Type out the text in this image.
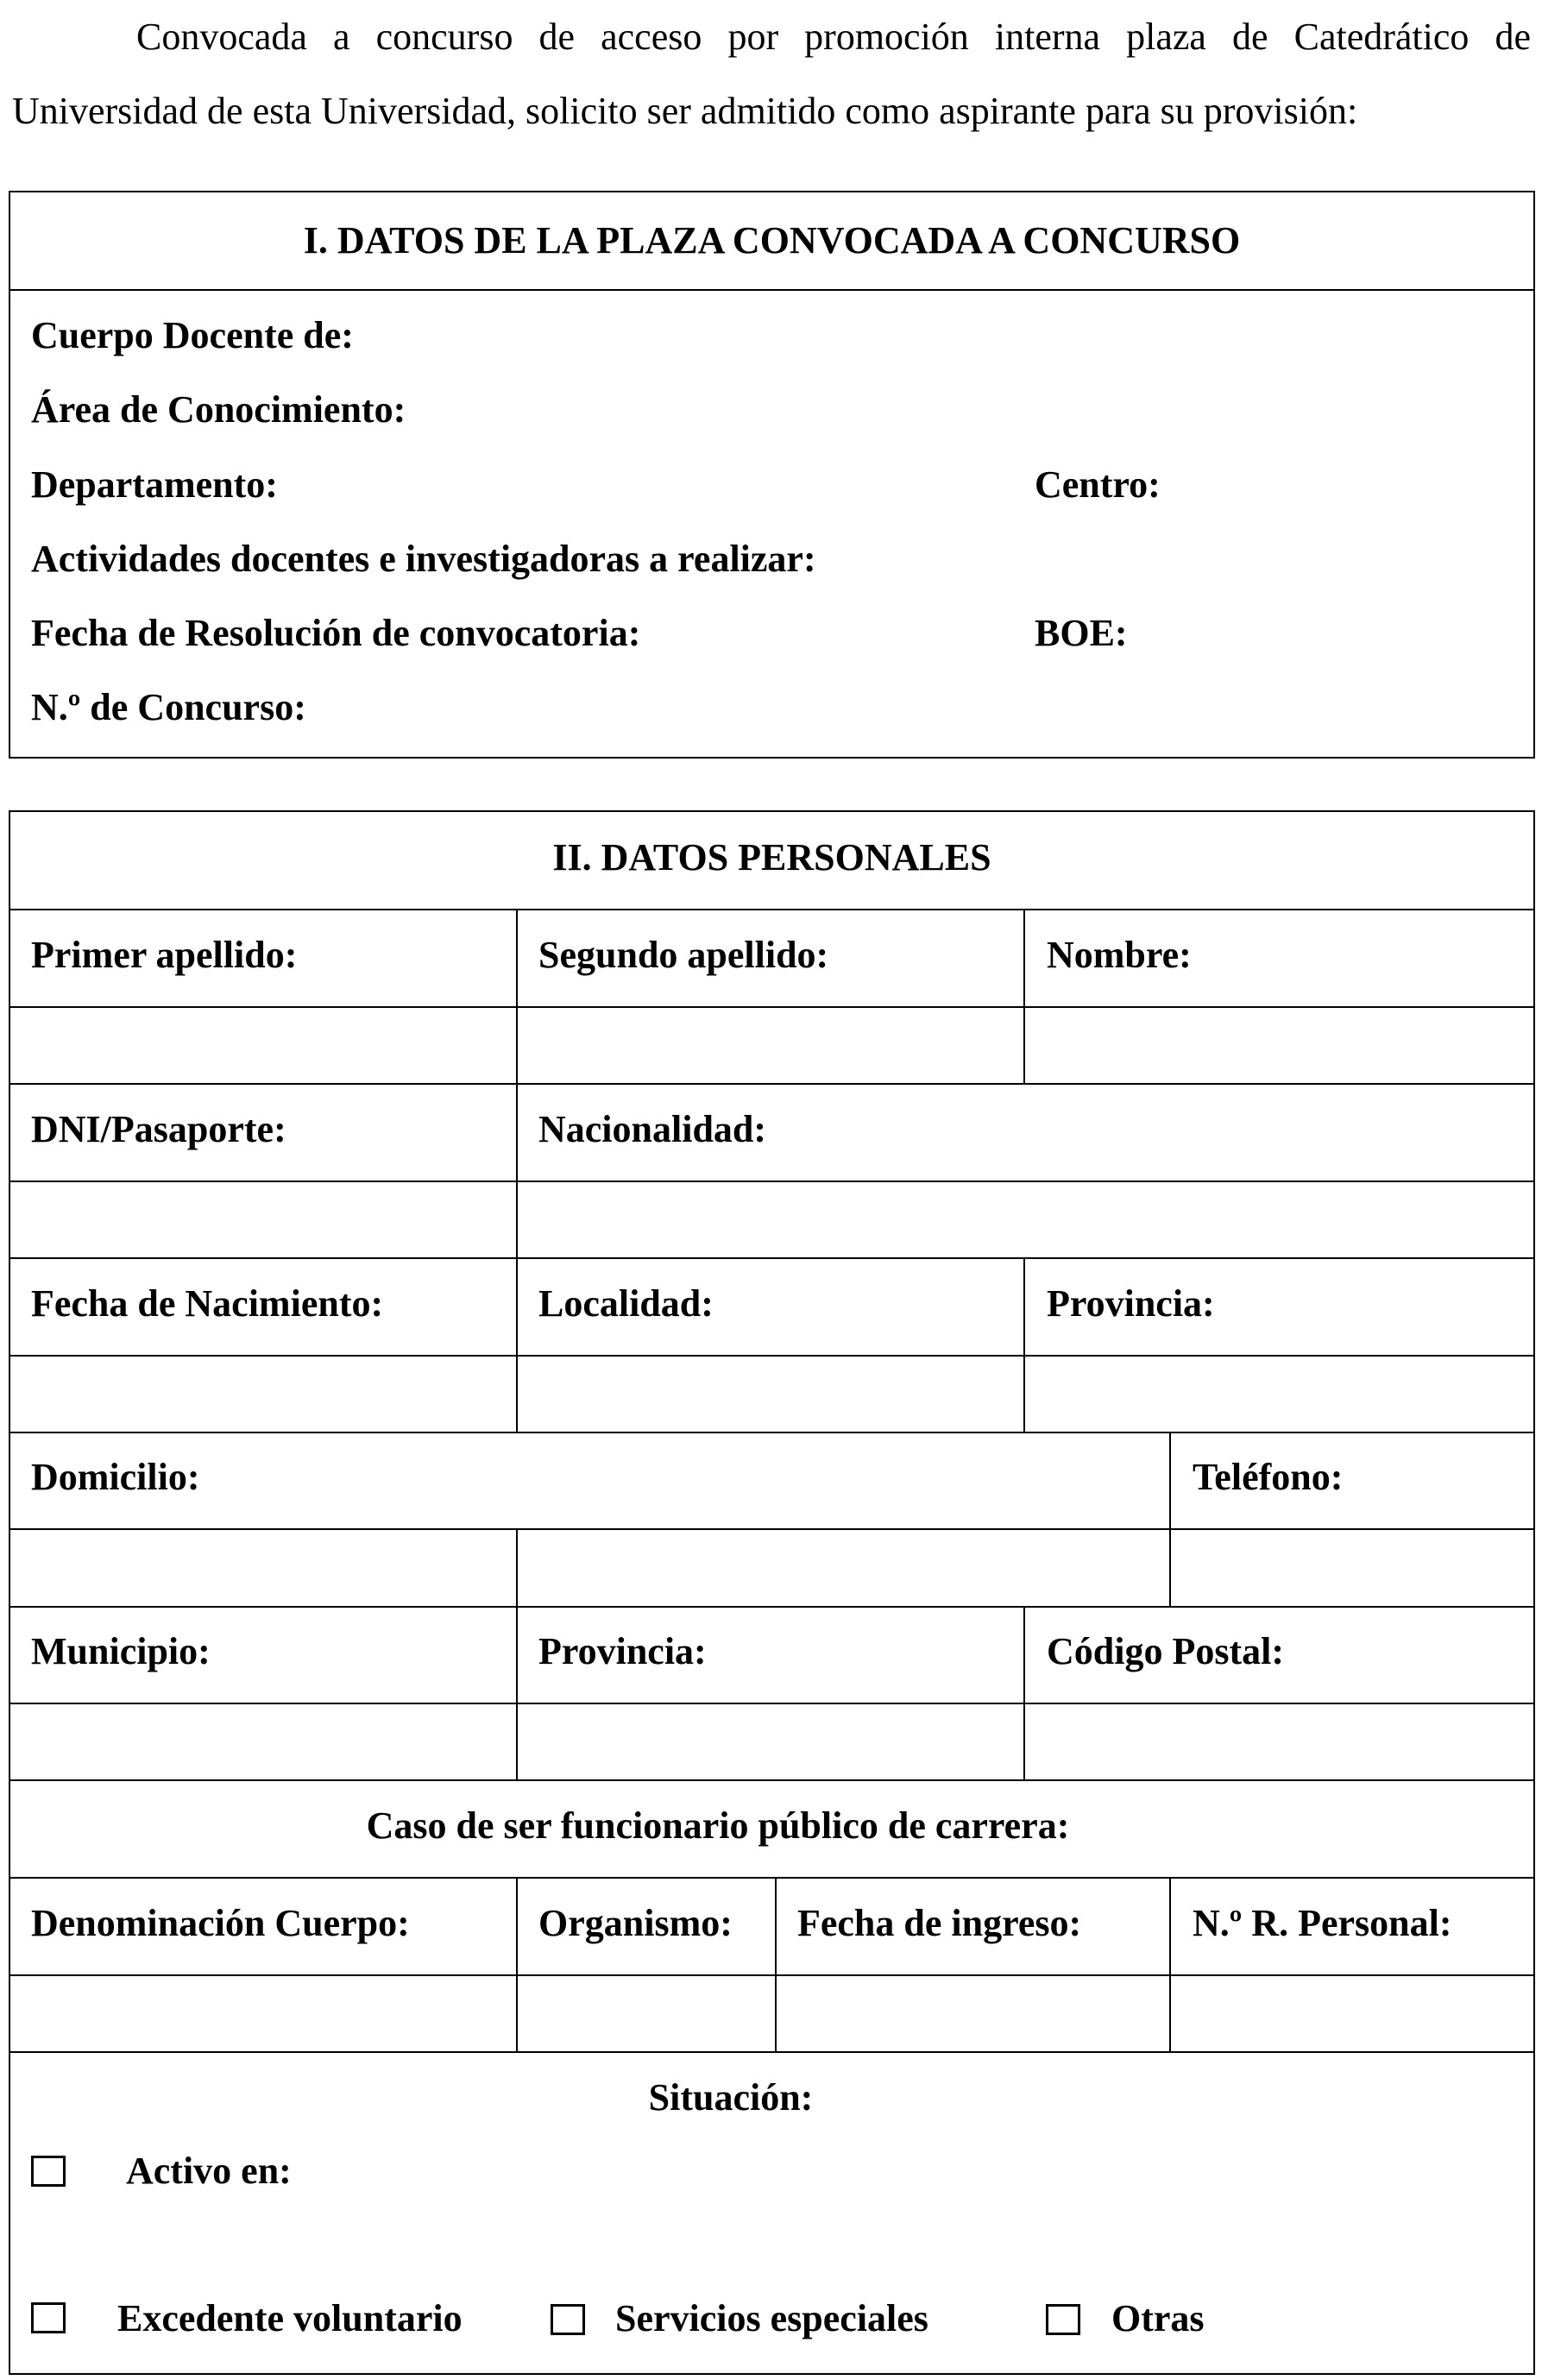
Convocada a concurso de acceso por promoción interna plaza de Catedrático de

Universidad de esta Universidad, solicito ser admitido como aspirante para su provisión:

I. DATOS DE LA PLAZA CONVOCADA A CONCURSO
Cuerpo Docente de:
Área de Conocimiento:
Departamento:	Centro:
Actividades docentes e investigadoras a realizar:
Fecha de Resolución de convocatoria:	BOE:
N.º de Concurso:
II. DATOS PERSONALES
Primer apellido:	Segundo apellido:	Nombre:
DNI/Pasaporte:	Nacionalidad:
Fecha de Nacimiento:	Localidad:	Provincia:
Domicilio:	Teléfono:
Municipio:	Provincia:	Código Postal:
Caso de ser funcionario público de carrera:
Denominación Cuerpo:	Organismo: Fecha de ingreso:	N.º R. Personal:
Situación:
Activo en:
Excedente voluntario	Servicios especiales	Otras
